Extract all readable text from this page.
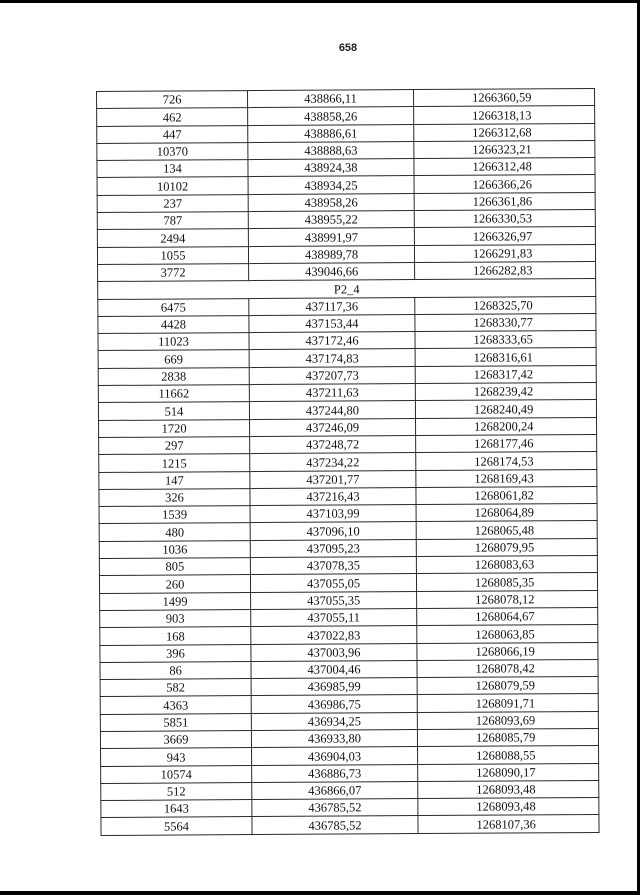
658
726	438866,11	1266360,59
462	438858,26	1266318,13
447	438886,61	1266312,68
10370	438888,63	1266323,21
134	438924,38	1266312,48
10102	438934,25	1266366,26
237	438958,26	1266361,86
787	438955,22	1266330,53
2494	438991,97	1266326,97
1055	438989,78	1266291,83
3772	439046,66	1266282,83
P2_4		
6475	437117,36	1268325,70
4428	437153,44	1268330,77
11023	437172,46	1268333,65
669	437174,83	1268316,61
2838	437207,73	1268317,42
11662	437211,63	1268239,42
514	437244,80	1268240,49
1720	437246,09	1268200,24
297	437248,72	1268177,46
1215	437234,22	1268174,53
147	437201,77	1268169,43
326	437216,43	1268061,82
1539	437103,99	1268064,89
480	437096,10	1268065,48
1036	437095,23	1268079,95
805	437078,35	1268083,63
260	437055,05	1268085,35
1499	437055,35	1268078,12
903	437055,11	1268064,67
168	437022,83	1268063,85
396	437003,96	1268066,19
86	437004,46	1268078,42
582	436985,99	1268079,59
4363	436986,75	1268091,71
5851	436934,25	1268093,69
3669	436933,80	1268085,79
943	436904,03	1268088,55
10574	436886,73	1268090,17
512	436866,07	1268093,48
1643	436785,52	1268093,48
5564	436785,52	1268107,36
